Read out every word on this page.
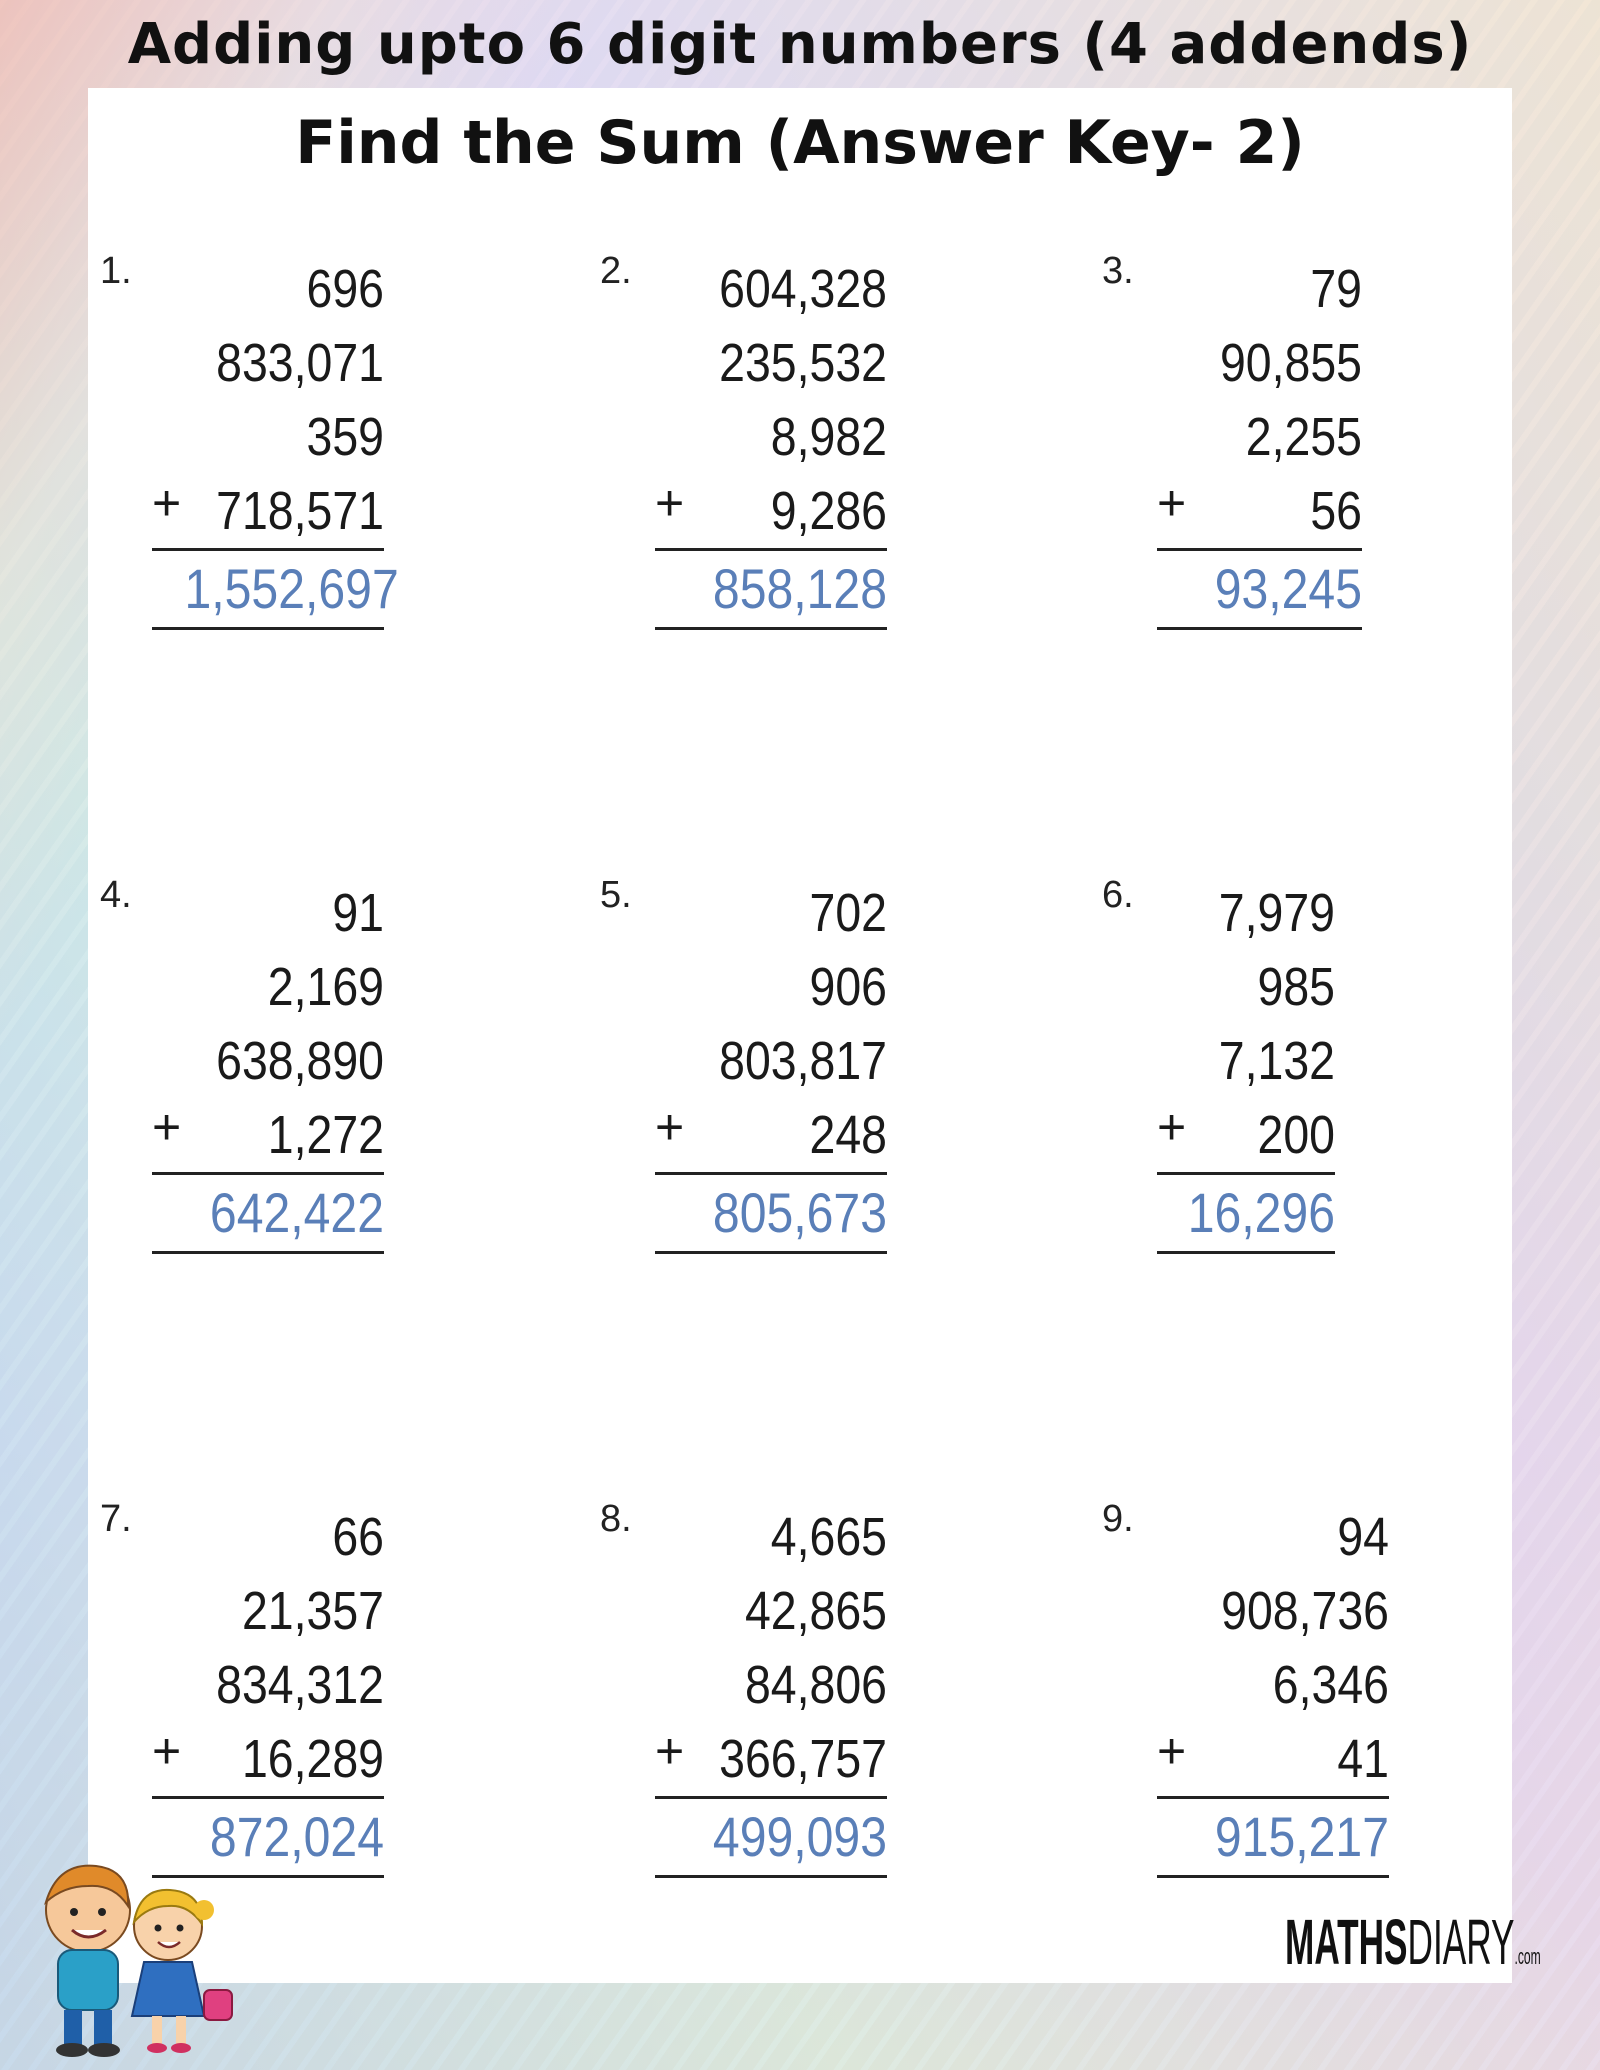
Adding upto 6 digit numbers (4 addends)
Find the Sum (Answer Key- 2)
1.	696
833,071
359
+ 718,571
1,552,697
2.	604,328
235,532
8,982
+	9,286
858,128
3.	79
90,855
2,255
+	56
93,245
4.	91
2,169
638,890
+	1,272
642,422
5.	702
906
803,817
+	248
805,673
6.	7,979
985
7,132
+	200
16,296
7.	66
21,357
834,312
+	16,289
872,024
8.	4,665
42,865
84,806
+ 366,757
499,093
9.	94
908,736
6,346
+	41
915,217
MATHSDIARY.com
